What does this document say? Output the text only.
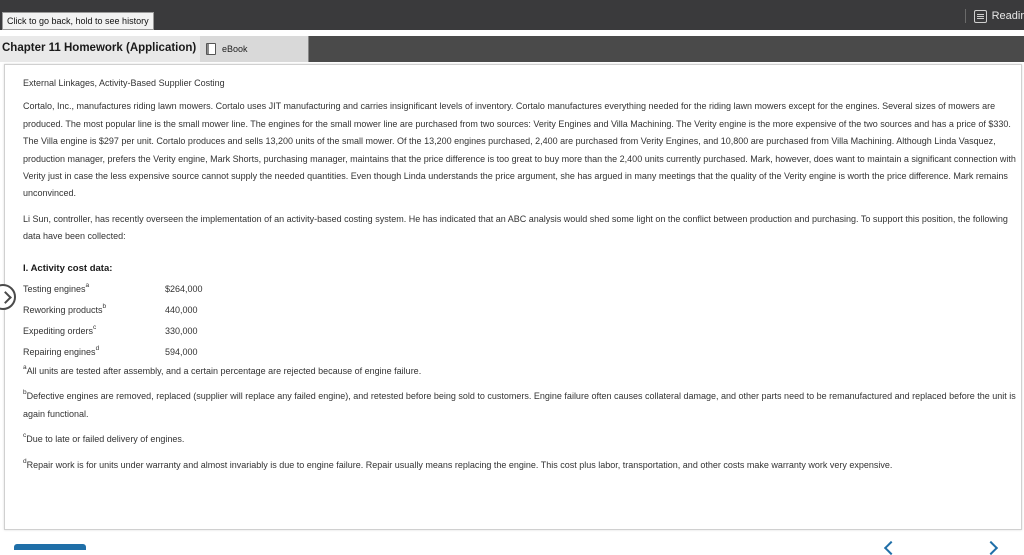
Click to go back, hold to see history	Readir
Chapter 11 Homework (Application)	eBook

External Linkages, Activity-Based Supplier Costing

Cortalo, Inc., manufactures riding lawn mowers. Cortalo uses JIT manufacturing and carries insignificant levels of inventory. Cortalo manufactures everything needed for the riding lawn mowers except for the engines. Several sizes of mowers are produced. The most popular line is the small mower line. The engines for the small mower line are purchased from two sources: Verity Engines and Villa Machining. The Verity engine is the more expensive of the two sources and has a price of $330. The Villa engine is $297 per unit. Cortalo produces and sells 13,200 units of the small mower. Of the 13,200 engines purchased, 2,400 are purchased from Verity Engines, and 10,800 are purchased from Villa Machining. Although Linda Vasquez, production manager, prefers the Verity engine, Mark Shorts, purchasing manager, maintains that the price difference is too great to buy more than the 2,400 units currently purchased. Mark, however, does want to maintain a significant connection with Verity just in case the less expensive source cannot supply the needed quantities. Even though Linda understands the price argument, she has argued in many meetings that the quality of the Verity engine is worth the price difference. Mark remains unconvinced.

Li Sun, controller, has recently overseen the implementation of an activity-based costing system. He has indicated that an ABC analysis would shed some light on the conflict between production and purchasing. To support this position, the following data have been collected:

I. Activity cost data:
Testing engines$^a$	$264,000
Reworking products$^b$	440,000
Expediting orders$^c$	330,000
Repairing engines$^d$	594,000

$^a$All units are tested after assembly, and a certain percentage are rejected because of engine failure.

$^b$Defective engines are removed, replaced (supplier will replace any failed engine), and retested before being sold to customers. Engine failure often causes collateral damage, and other parts need to be remanufactured and replaced before the unit is again functional.

$^c$Due to late or failed delivery of engines.

$^d$Repair work is for units under warranty and almost invariably is due to engine failure. Repair usually means replacing the engine. This cost plus labor, transportation, and other costs make warranty work very expensive.
